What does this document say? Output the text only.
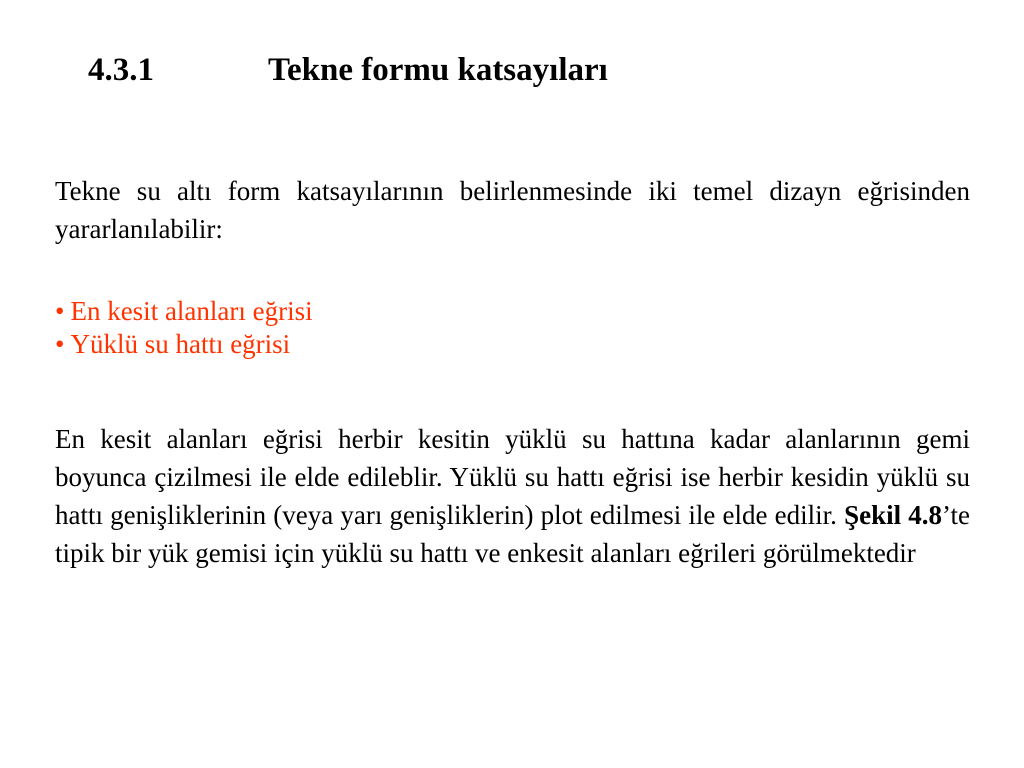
4.3.1	Tekne formu katsayıları
Tekne su altı form katsayılarının belirlenmesinde iki temel dizayn eğrisinden yararlanılabilir:
• En kesit alanları eğrisi
• Yüklü su hattı eğrisi
En kesit alanları eğrisi herbir kesitin yüklü su hattına kadar alanlarının gemi boyunca çizilmesi ile elde edileblir. Yüklü su hattı eğrisi ise herbir kesidin yüklü su hattı genişliklerinin (veya yarı genişliklerin) plot edilmesi ile elde edilir. Şekil 4.8’te tipik bir yük gemisi için yüklü su hattı ve enkesit alanları eğrileri görülmektedir
